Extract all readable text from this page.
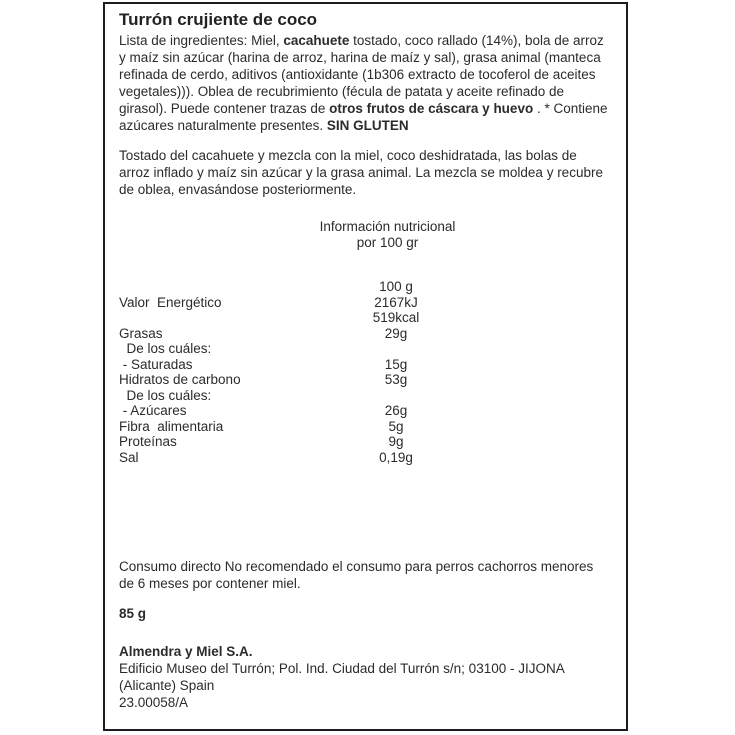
Turrón crujiente de coco

Lista de ingredientes: Miel, cacahuete tostado, coco rallado (14%), bola de arroz y maíz sin azúcar (harina de arroz, harina de maíz y sal), grasa animal (manteca refinada de cerdo, aditivos (antioxidante (1b306 extracto de tocoferol de aceites vegetales))). Oblea de recubrimiento (fécula de patata y aceite refinado de girasol). Puede contener trazas de otros frutos de cáscara y huevo . * Contiene azúcares naturalmente presentes. SIN GLUTEN

Tostado del cacahuete y mezcla con la miel, coco deshidratada, las bolas de arroz inflado y maíz sin azúcar y la grasa animal. La mezcla se moldea y recubre de oblea, envasándose posteriormente.

Información nutricional
por 100 gr
100 g
Valor  Energético	2167kJ
519kcal
Grasas	29g
De los cuáles:
- Saturadas	15g
Hidratos de carbono	53g
De los cuáles:
- Azúcares	26g
Fibra  alimentaria	5g
Proteínas	9g
Sal	0,19g

Consumo directo No recomendado el consumo para perros cachorros menores de 6 meses por contener miel.

85 g

Almendra y Miel S.A.
Edificio Museo del Turrón; Pol. Ind. Ciudad del Turrón s/n; 03100 - JIJONA (Alicante) Spain
23.00058/A
